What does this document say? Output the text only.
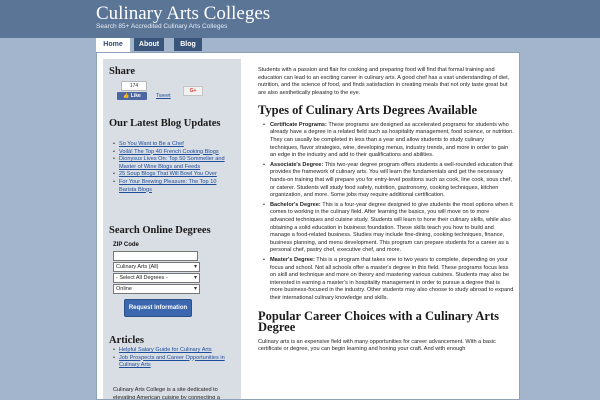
Culinary Arts Colleges
Search 85+ Accredited Culinary Arts Colleges
Home	About	Blog
Share
174
👍 Like	Tweet
G+
Our Latest Blog Updates
• So You Want to Be a Chef
• Voilà! The Top 40 French Cooking Blogs
• Dionysus Lives On: Top 50 Sommelier and Master of Wine Blogs and Feeds
• 25 Soup Blogs That Will Bowl You Over
• For Your Brewing Pleasure: The Top 10 Barista Blogs
Search Online Degrees
ZIP Code
Culinary Arts (All) ▾
- Select All Degrees - ▾
Online ▾
Request Information
Articles
• Helpful Salary Guide for Culinary Arts
• Job Prospects and Career Opportunities in Culinary Arts
Culinary Arts College is a site dedicated to elevating American cuisine by connecting a

Students with a passion and flair for cooking and preparing food will find that formal training and education can lead to an exciting career in culinary arts. A good chef has a vast understanding of diet, nutrition, and the science of food, and finds satisfaction in creating meals that not only taste great but are also aesthetically pleasing to the eye.

Types of Culinary Arts Degrees Available
• Certificate Programs: These programs are designed as accelerated programs for students who already have a degree in a related field such as hospitality management, food science, or nutrition. They can usually be completed in less than a year and allow students to study culinary techniques, flavor strategies, wine, developing menus, industry trends, and more in order to gain an edge in the industry and add to their qualifications and abilities.
• Associate's Degree: This two-year degree program offers students a well-rounded education that provides the framework of culinary arts. You will learn the fundamentals and get the necessary hands-on training that will prepare you for entry-level positions such as cook, line cook, sous chef, or caterer. Students will study food safety, nutrition, gastronomy, cooking techniques, kitchen organization, and more. Some jobs may require additional certification.
• Bachelor's Degree: This is a four-year degree designed to give students the most options when it comes to working in the culinary field. After learning the basics, you will move on to more advanced techniques and cuisine study. Students will learn to hone their culinary skills, while also obtaining a solid education in business foundation. These skills teach you how to build and manage a food-related business. Studies may include fine-dining, cooking techniques, finance, business planning, and menu development. This program can prepare students for a career as a personal chef, pastry chef, executive chef, and more.
• Master's Degree: This is a program that takes one to two years to complete, depending on your focus and school. Not all schools offer a master's degree in this field. These programs focus less on skill and technique and more on theory and mastering various cuisines. Students may also be interested in earning a master's in hospitality management in order to pursue a degree that is more business-focused in the industry. Other students may also choose to study abroad to expand their international culinary knowledge and skills.
Popular Career Choices with a Culinary Arts Degree

Culinary arts is an expensive field with many opportunities for career advancement. With a basic certificate or degree, you can begin learning and honing your craft. And with enough
